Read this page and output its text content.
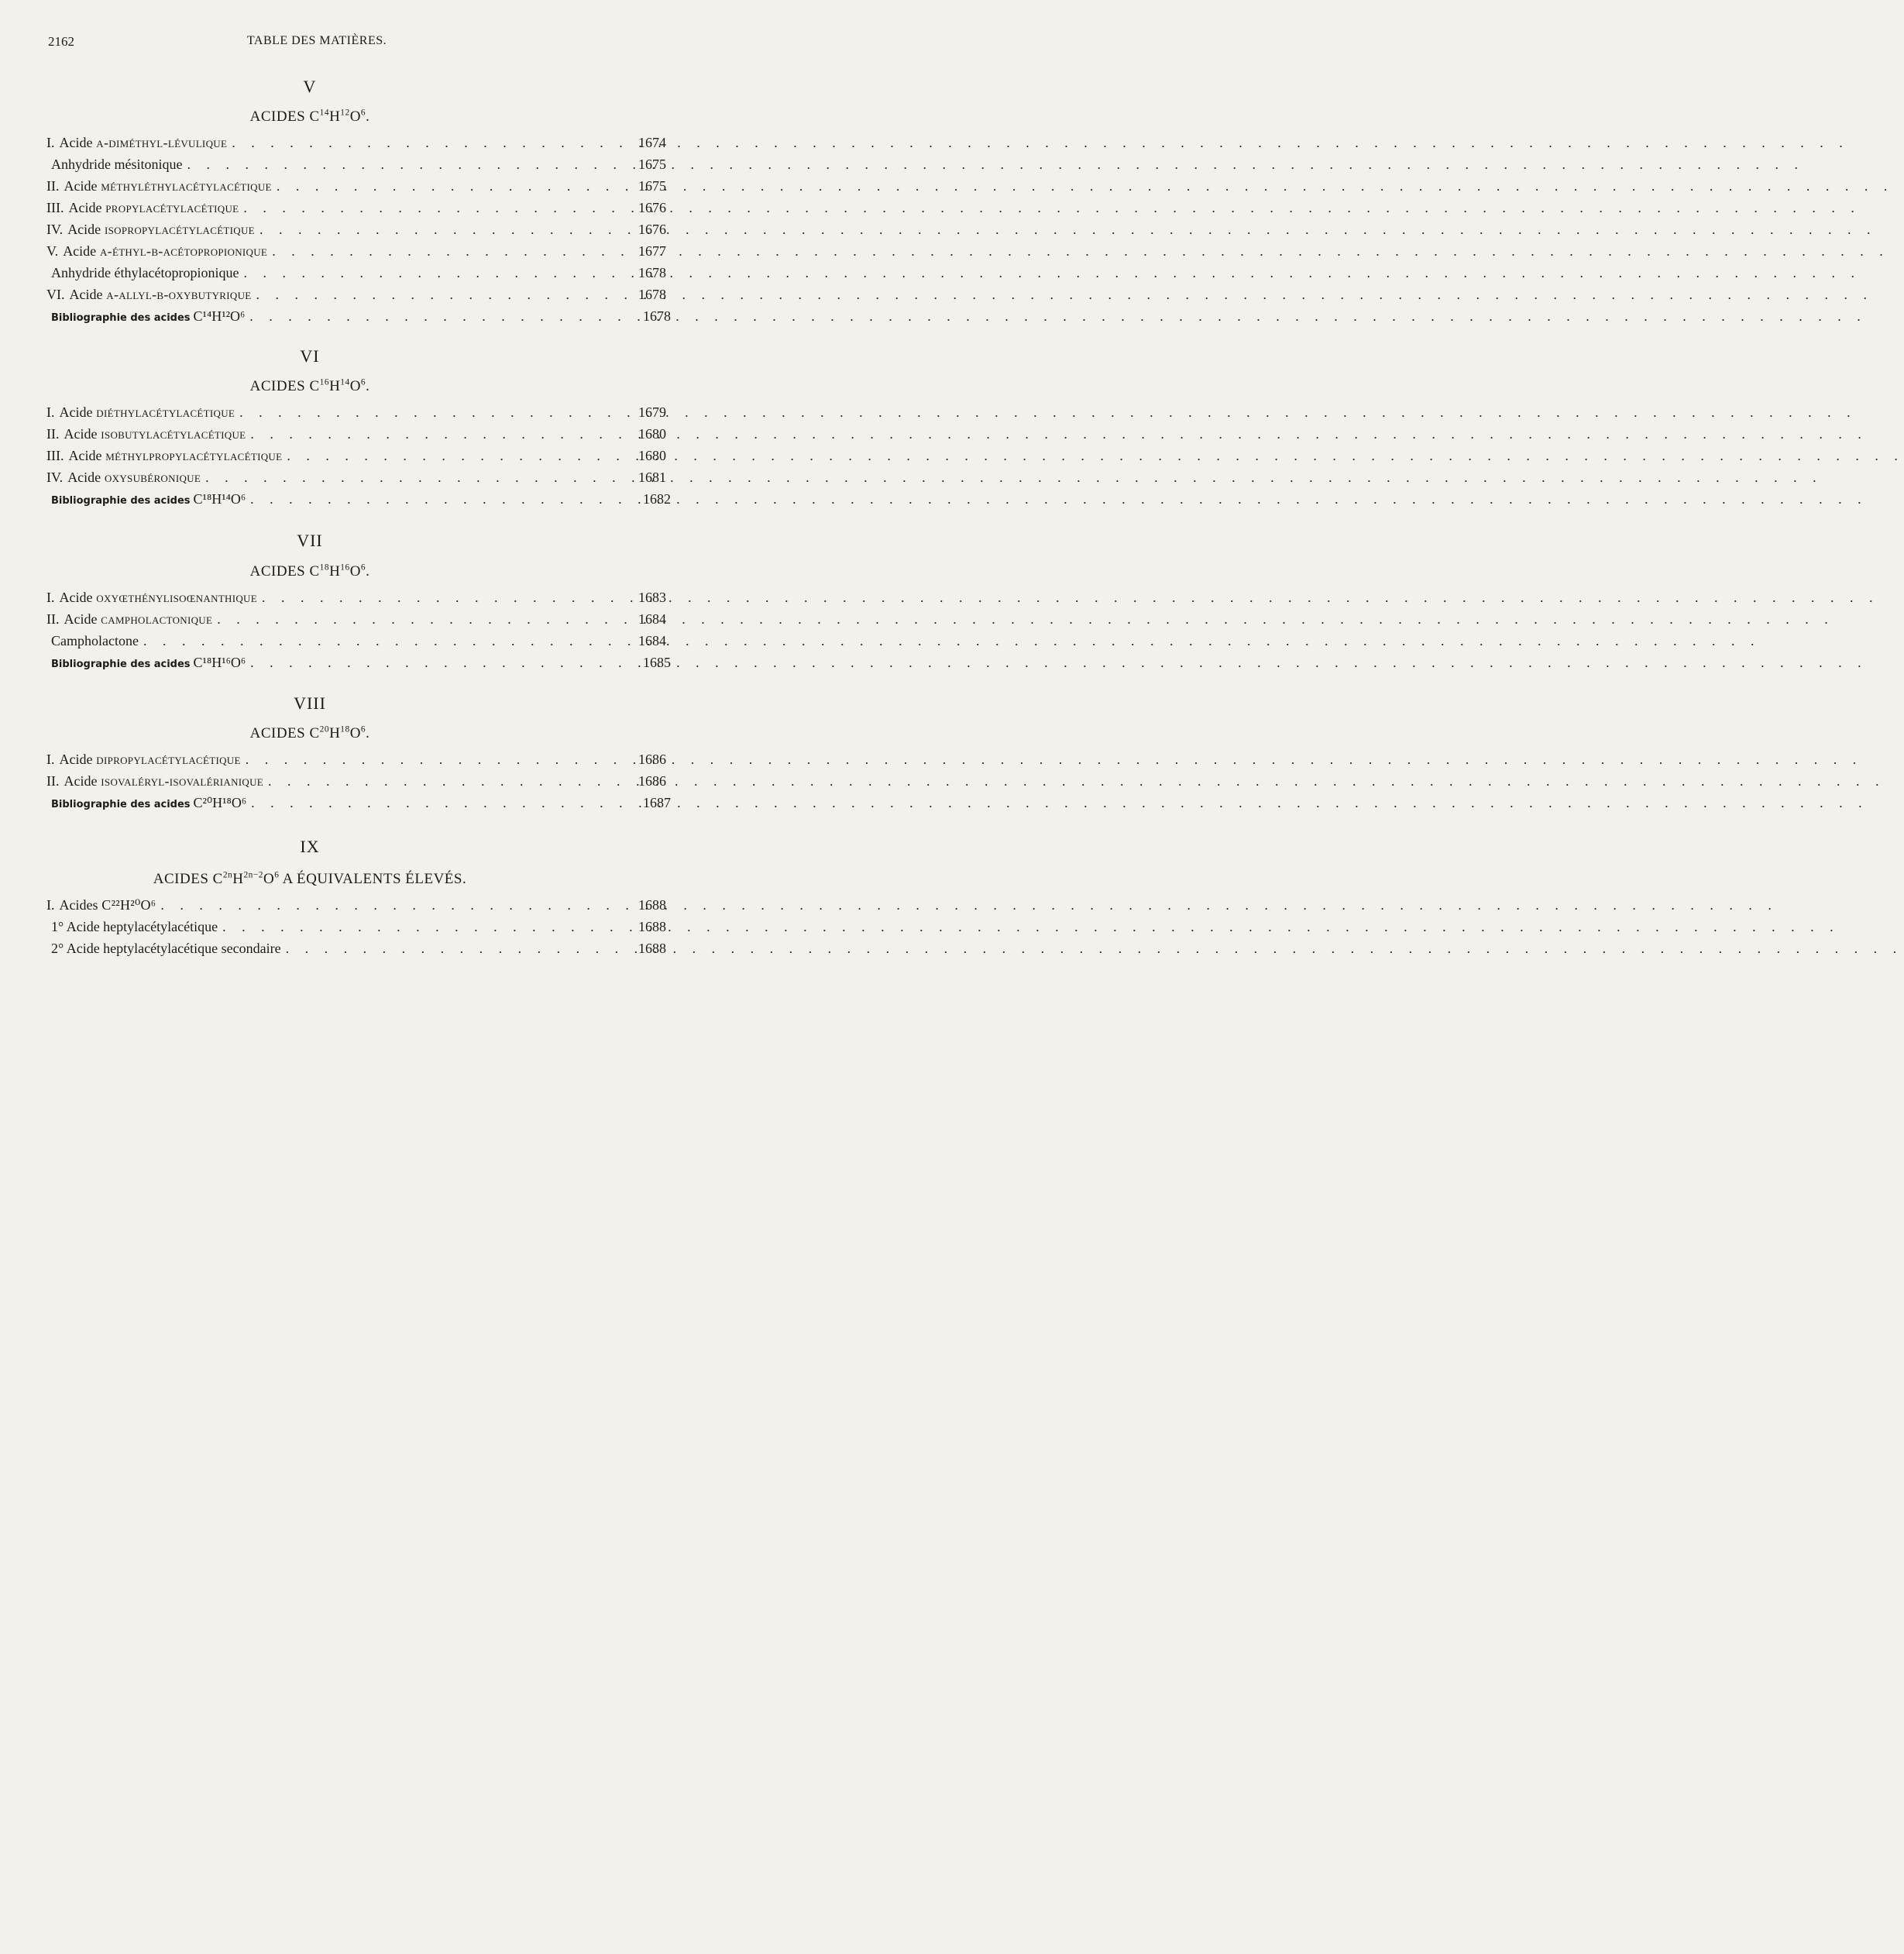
2162	TABLE DES MATIÈRES.
V
ACIDES $C^{14}H^{12}O^6$.
I. Acide α-diméthyl-lévulique . . .	1674
Anhydride mésitonique . . .	1675
II. Acide méthyléthylacétylacétique . . .	1675
III. Acide propylacétylacétique . . .	1676
IV. Acide isopropylacétylacétique . . .	1676
V. Acide α-éthyl-β-acétopropionique . . .	1677
Anhydride éthylacétopropionique . . .	1678
VI. Acide α-allyl-β-oxybutyrique . . .	1678
Bibliographie des acides C¹⁴H¹²O⁶ . . .	1678
VI
ACIDES $C^{16}H^{14}O^6$.
I. Acide diéthylacétylacétique . . .	1679
II. Acide isobutylacétylacétique . . .	1680
III. Acide méthylpropylacétylacétique . . .	1680
IV. Acide oxysubéronique . . .	1681
Bibliographie des acides C¹⁸H¹⁴O⁶ . . .	1682
VII
ACIDES $C^{18}H^{16}O^6$.
I. Acide oxyœthénylisoœnanthique . . .	1683
II. Acide campholactonique . . .	1684
Campholactone . . .	1684
Bibliographie des acides C¹⁸H¹⁶O⁶ . . .	1685
VIII
ACIDES $C^{20}H^{18}O^6$.
I. Acide dipropylacétylacétique . . .	1686
II. Acide isovaléryl-isovalérianique . . .	1686
Bibliographie des acides C²⁰H¹⁸O⁶ . . .	1687
IX
ACIDES $C^{2n}H^{2n-2}O^6$ A ÉQUIVALENTS ÉLEVÉS.
I. Acides C²²H²⁰O⁶ . . .	1688
1° Acide heptylacétylacétique . . .	1688
2° Acide heptylacétylacétique secondaire . . .	1688
